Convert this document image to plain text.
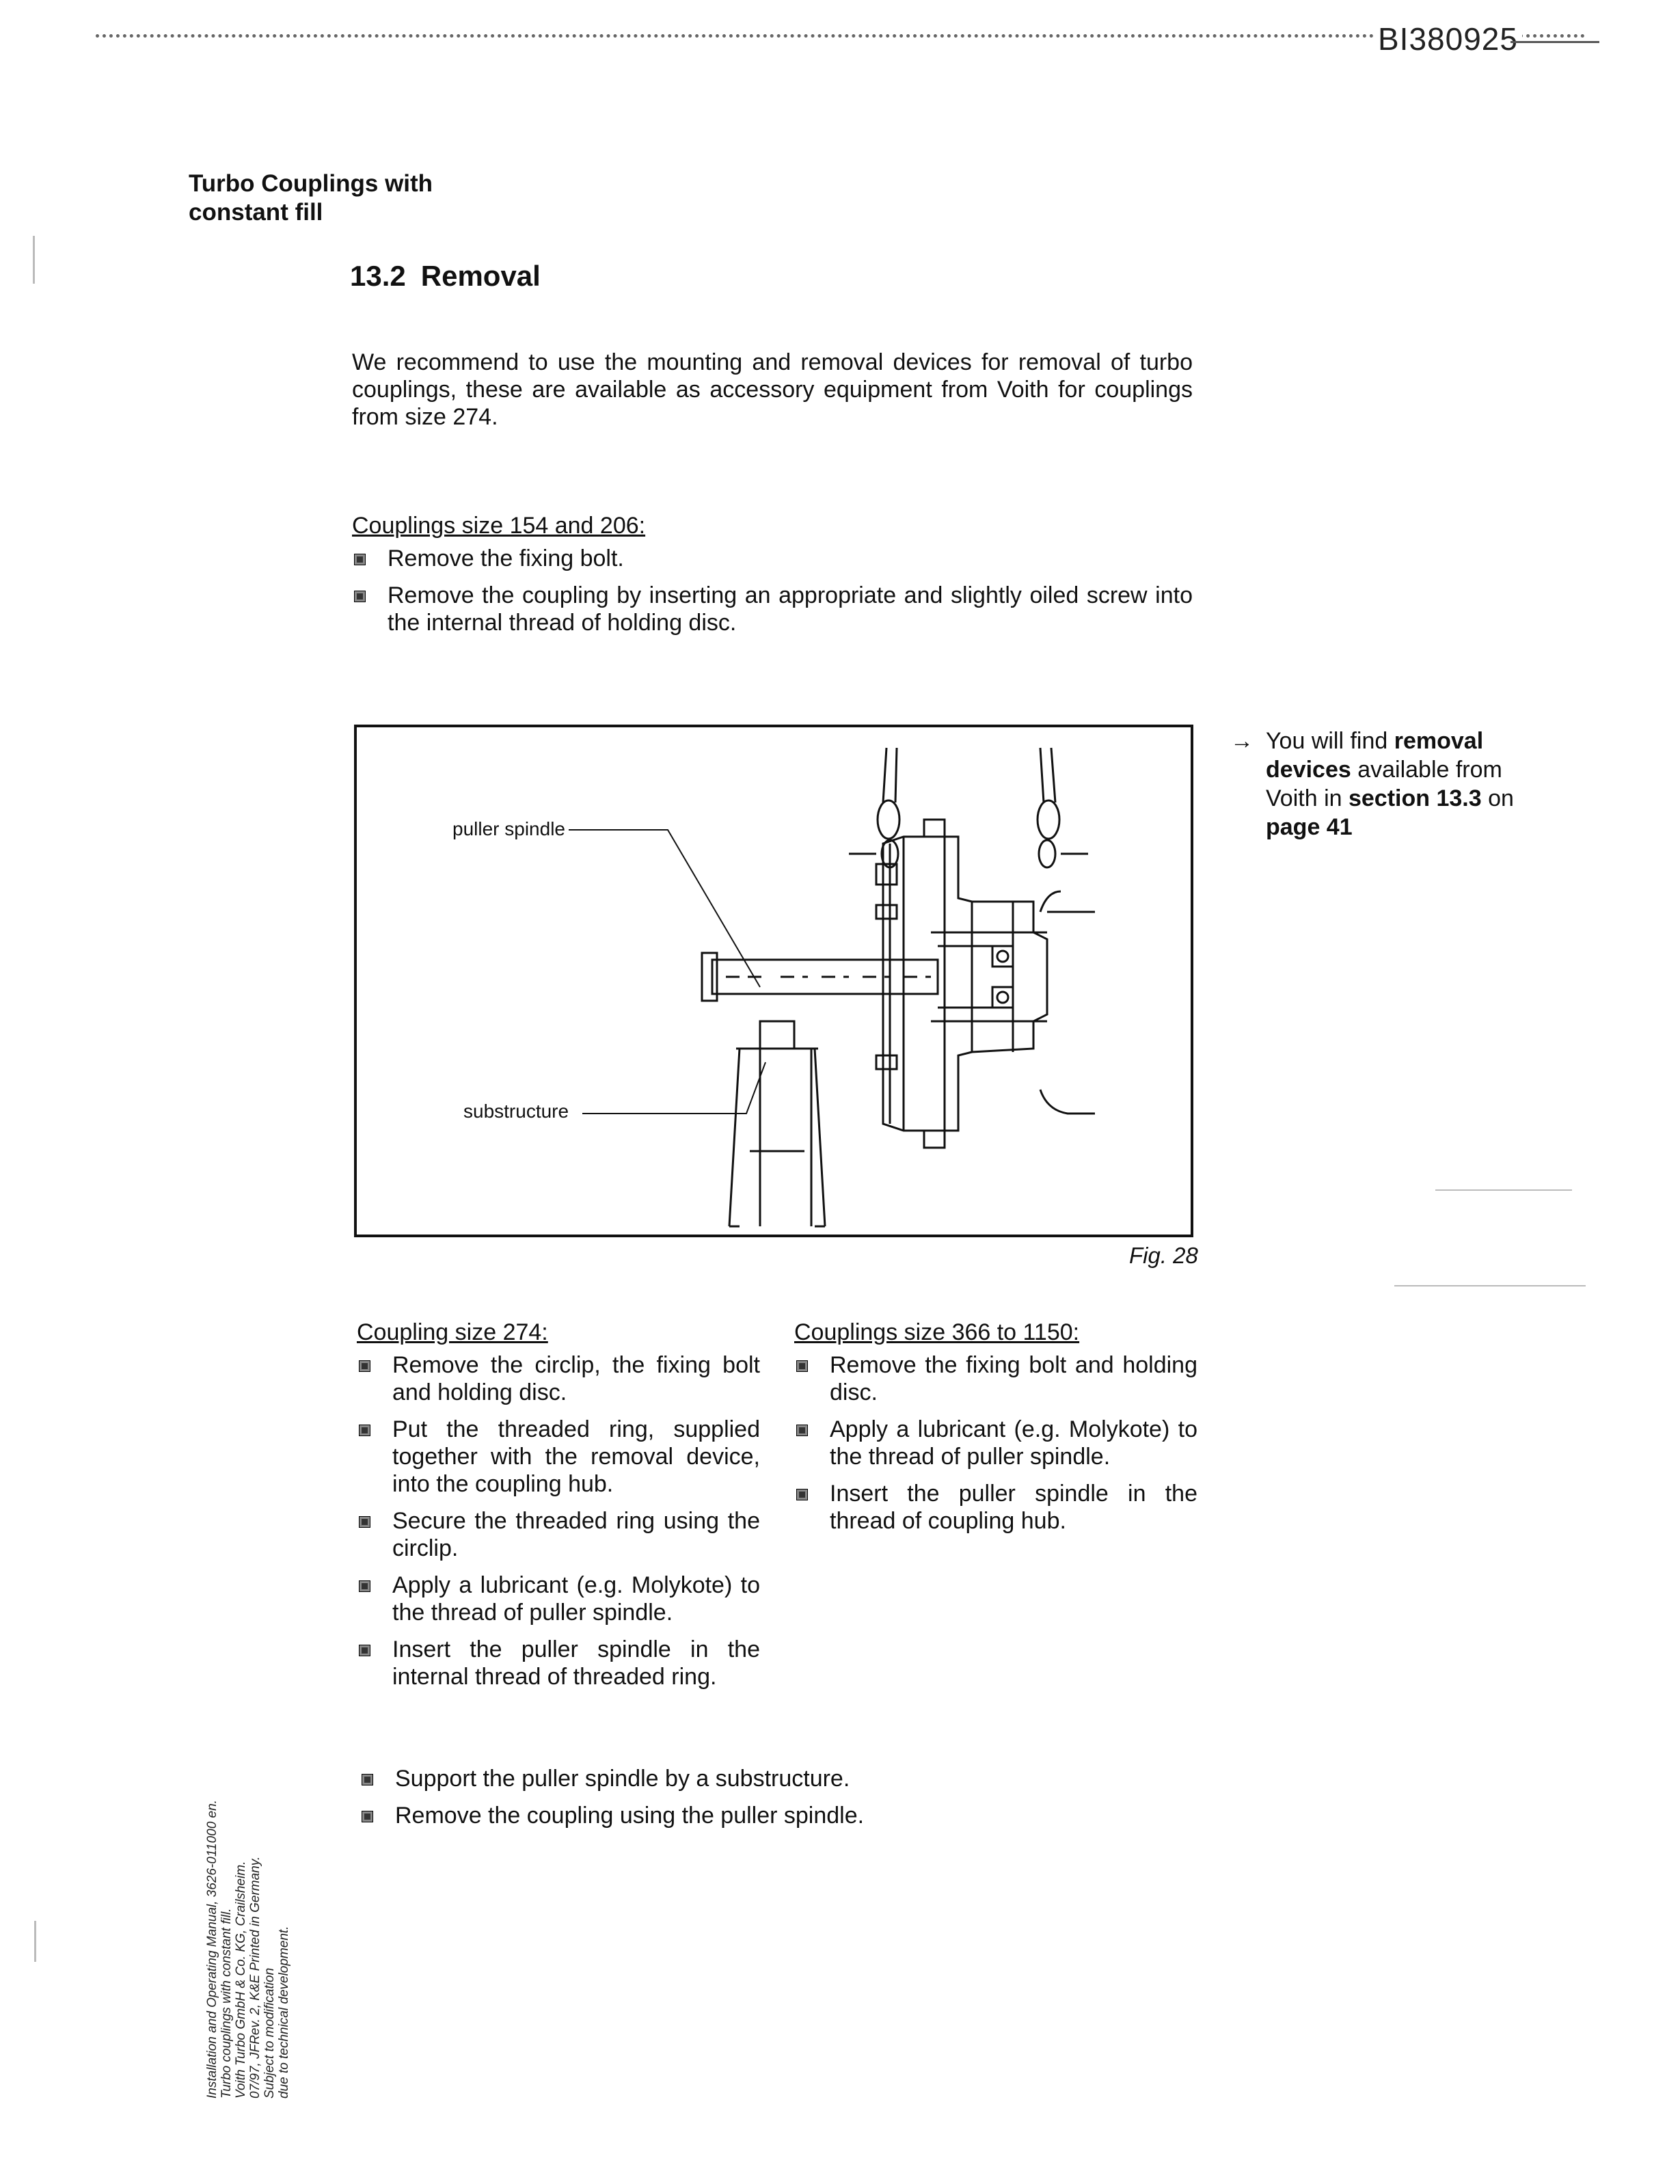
BI380925
Turbo Couplings with
constant fill
13.2 Removal
We recommend to use the mounting and removal devices for removal of turbo couplings, these are available as accessory equipment from Voith for couplings from size 274.
Couplings size 154 and 206:
Remove the fixing bolt.
Remove the coupling by inserting an appropriate and slightly oiled screw into the internal thread of holding disc.
puller spindle
substructure
Fig. 28
→ You will find removal devices available from Voith in section 13.3 on page 41
Coupling size 274:
Remove the circlip, the fixing bolt and holding disc.
Put the threaded ring, supplied together with the removal device, into the coupling hub.
Secure the threaded ring using the circlip.
Apply a lubricant (e.g. Molykote) to the thread of puller spindle.
Insert the puller spindle in the internal thread of threaded ring.
Couplings size 366 to 1150:
Remove the fixing bolt and holding disc.
Apply a lubricant (e.g. Molykote) to the thread of puller spindle.
Insert the puller spindle in the thread of coupling hub.
Support the puller spindle by a substructure.
Remove the coupling using the puller spindle.
Installation and Operating Manual, 3626-011000 en. Turbo couplings with constant fill. Voith Turbo GmbH & Co. KG, Crailsheim. 07/97, JFRev. 2, K&E Printed in Germany. Subject to modification due to technical development.
